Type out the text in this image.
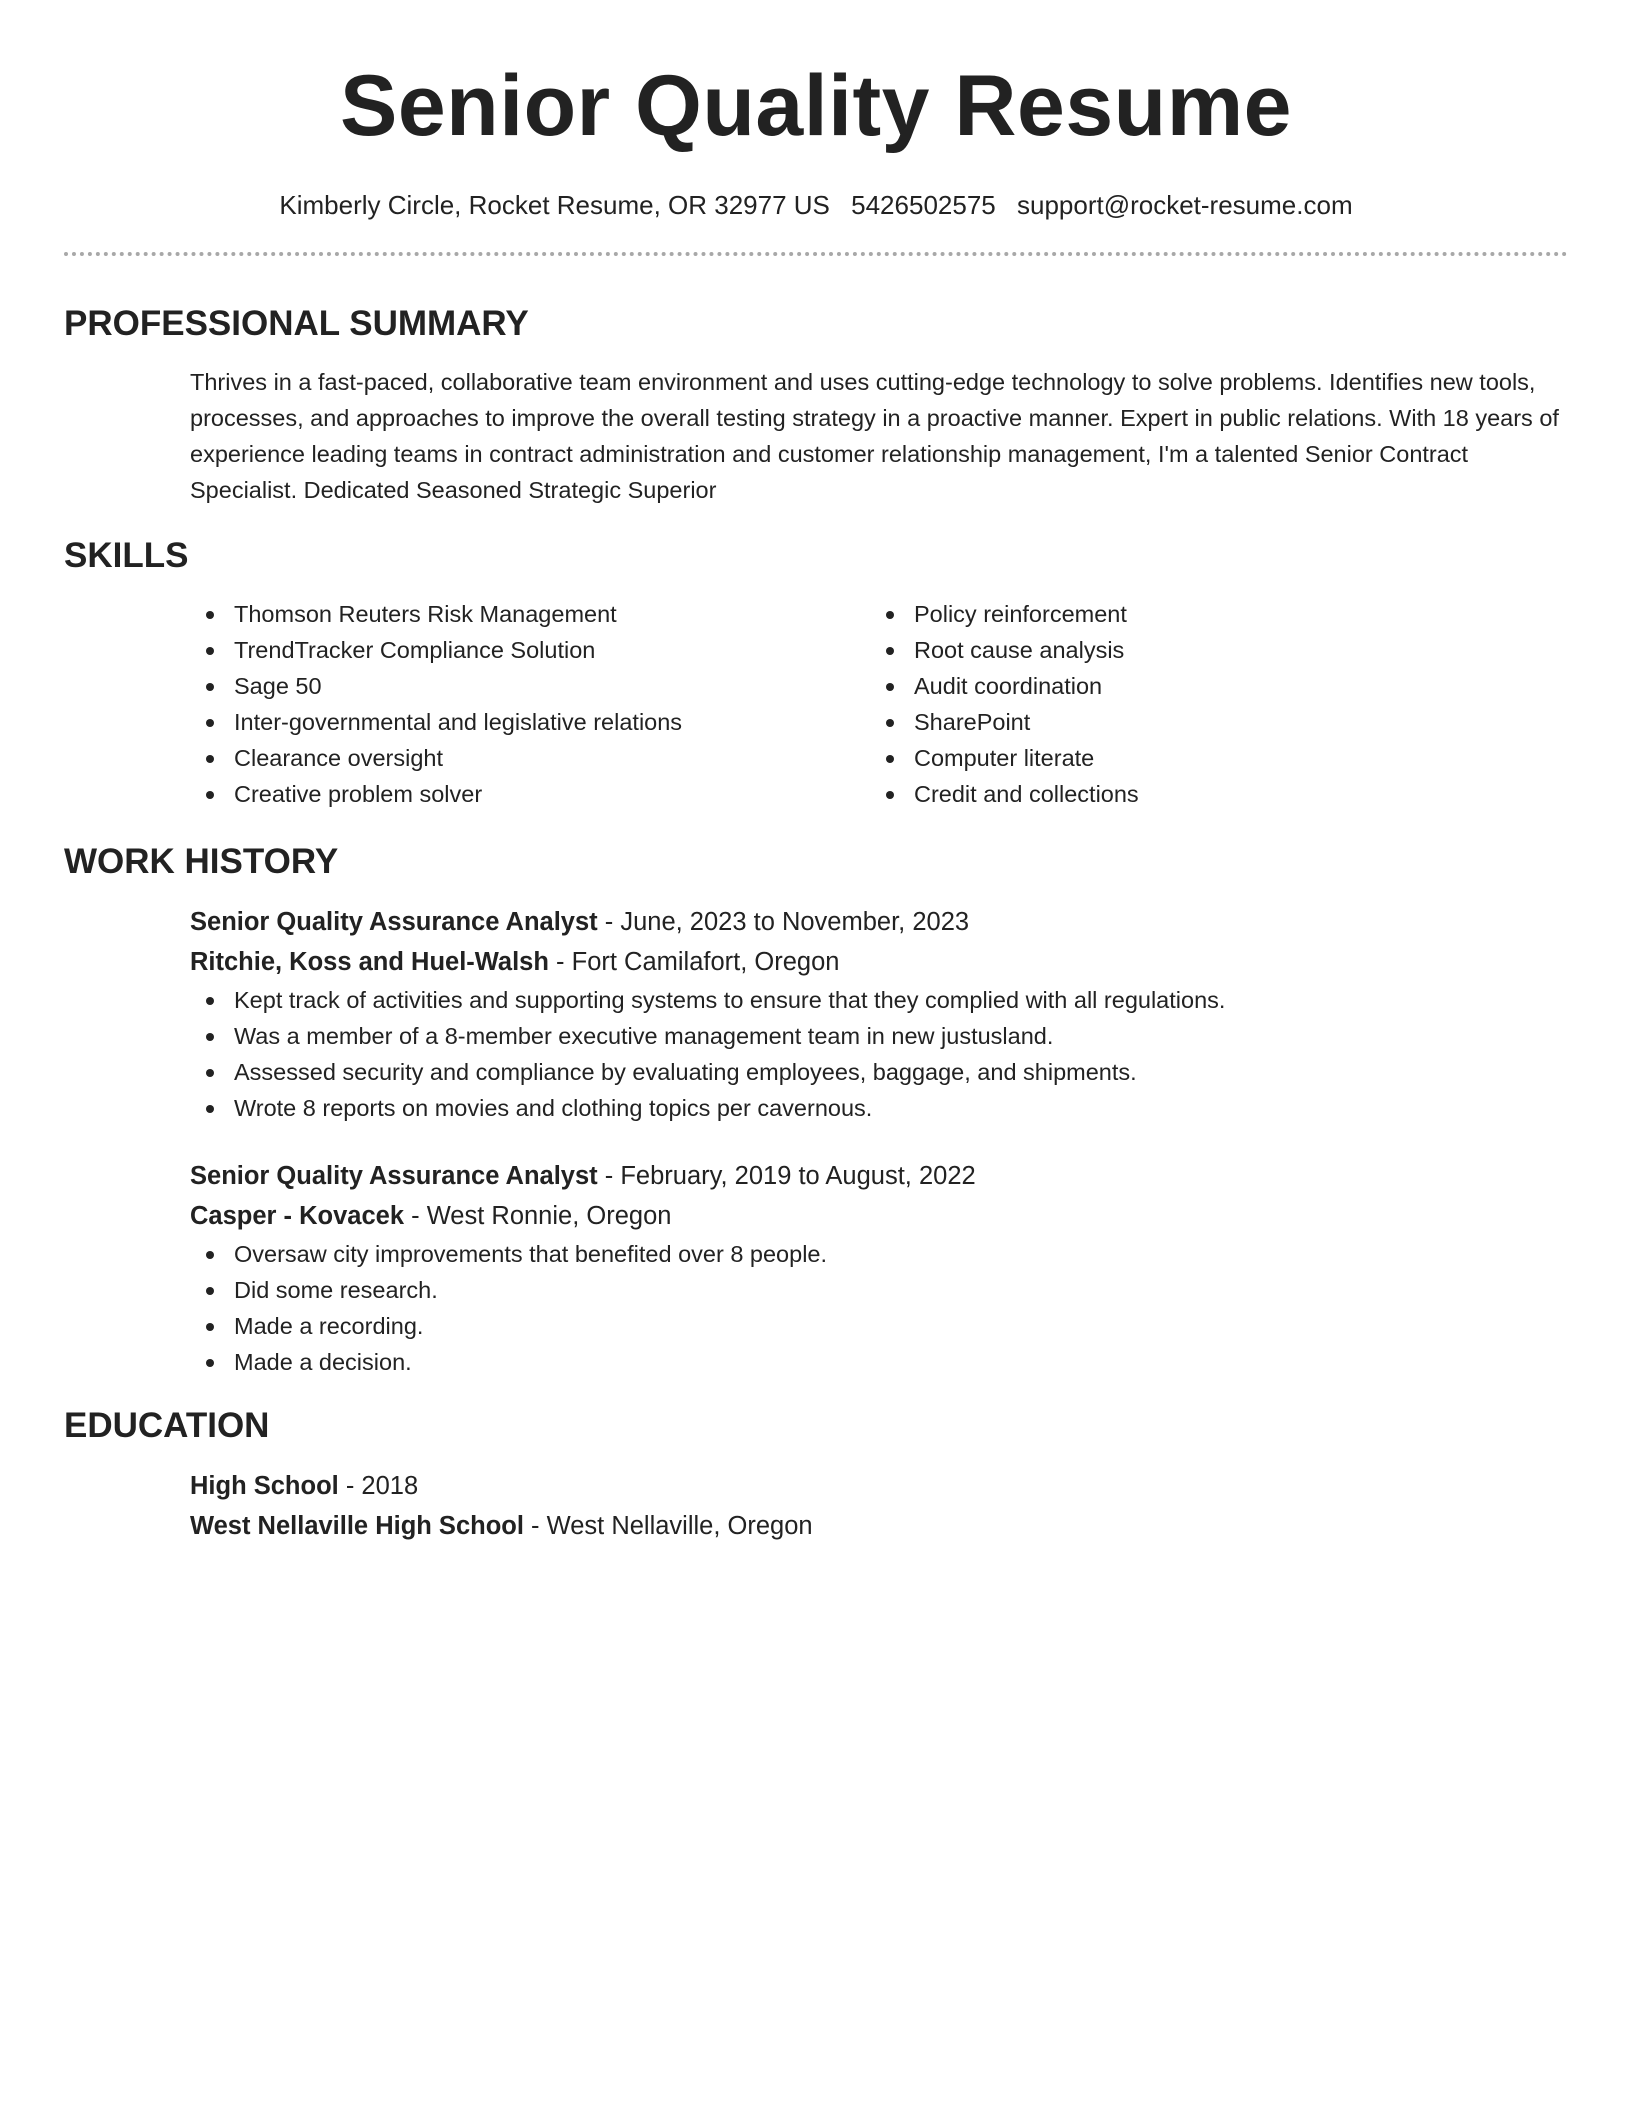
Senior Quality Resume
Kimberly Circle, Rocket Resume, OR 32977 US 5426502575 support@rocket-resume.com
PROFESSIONAL SUMMARY
Thrives in a fast-paced, collaborative team environment and uses cutting-edge technology to solve problems. Identifies new tools, processes, and approaches to improve the overall testing strategy in a proactive manner. Expert in public relations. With 18 years of experience leading teams in contract administration and customer relationship management, I'm a talented Senior Contract Specialist. Dedicated Seasoned Strategic Superior
SKILLS
Thomson Reuters Risk Management
TrendTracker Compliance Solution
Sage 50
Inter-governmental and legislative relations
Clearance oversight
Creative problem solver
Policy reinforcement
Root cause analysis
Audit coordination
SharePoint
Computer literate
Credit and collections
WORK HISTORY
Senior Quality Assurance Analyst - June, 2023 to November, 2023
Ritchie, Koss and Huel-Walsh - Fort Camilafort, Oregon
Kept track of activities and supporting systems to ensure that they complied with all regulations.
Was a member of a 8-member executive management team in new justusland.
Assessed security and compliance by evaluating employees, baggage, and shipments.
Wrote 8 reports on movies and clothing topics per cavernous.
Senior Quality Assurance Analyst - February, 2019 to August, 2022
Casper - Kovacek - West Ronnie, Oregon
Oversaw city improvements that benefited over 8 people.
Did some research.
Made a recording.
Made a decision.
EDUCATION
High School - 2018
West Nellaville High School - West Nellaville, Oregon
